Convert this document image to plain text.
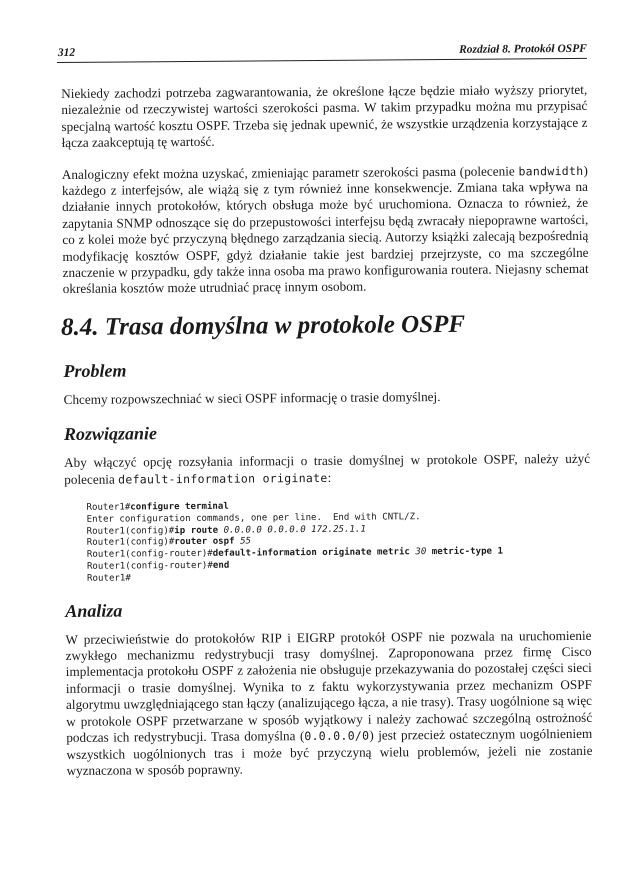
312	Rozdział 8. Protokół OSPF

Niekiedy zachodzi potrzeba zagwarantowania, że określone łącze będzie miało wyższy priorytet, niezależnie od rzeczywistej wartości szerokości pasma. W takim przypadku można mu przypisać specjalną wartość kosztu OSPF. Trzeba się jednak upewnić, że wszystkie urządzenia korzystające z łącza zaakceptują tę wartość.

Analogiczny efekt można uzyskać, zmieniając parametr szerokości pasma (polecenie bandwidth) każdego z interfejsów, ale wiążą się z tym również inne konsekwencje. Zmiana taka wpływa na działanie innych protokołów, których obsługa może być uruchomiona. Oznacza to również, że zapytania SNMP odnoszące się do przepustowości interfejsu będą zwracały niepoprawne wartości, co z kolei może być przyczyną błędnego zarządzania siecią. Autorzy książki zalecają bezpośrednią modyfikację kosztów OSPF, gdyż działanie takie jest bardziej przejrzyste, co ma szczególne znaczenie w przypadku, gdy także inna osoba ma prawo konfigurowania routera. Niejasny schemat określania kosztów może utrudniać pracę innym osobom.

8.4. Trasa domyślna w protokole OSPF
Problem

Chcemy rozpowszechniać w sieci OSPF informację o trasie domyślnej.

Rozwiązanie

Aby włączyć opcję rozsyłania informacji o trasie domyślnej w protokole OSPF, należy użyć polecenia default-information originate:

Router1#configure terminal
Enter configuration commands, one per line.  End with CNTL/Z.
Router1(config)#ip route 0.0.0.0 0.0.0.0 172.25.1.1
Router1(config)#router ospf 55
Router1(config-router)#default-information originate metric 30 metric-type 1
Router1(config-router)#end
Router1#
Analiza

W przeciwieństwie do protokołów RIP i EIGRP protokół OSPF nie pozwala na uruchomienie zwykłego mechanizmu redystrybucji trasy domyślnej. Zaproponowana przez firmę Cisco implementacja protokołu OSPF z założenia nie obsługuje przekazywania do pozostałej części sieci informacji o trasie domyślnej. Wynika to z faktu wykorzystywania przez mechanizm OSPF algorytmu uwzględniającego stan łączy (analizującego łącza, a nie trasy). Trasy uogólnione są więc w protokole OSPF przetwarzane w sposób wyjątkowy i należy zachować szczególną ostrożność podczas ich redystrybucji. Trasa domyślna (0.0.0.0/0) jest przecież ostatecznym uogólnieniem wszystkich uogólnionych tras i może być przyczyną wielu problemów, jeżeli nie zostanie wyznaczona w sposób poprawny.
